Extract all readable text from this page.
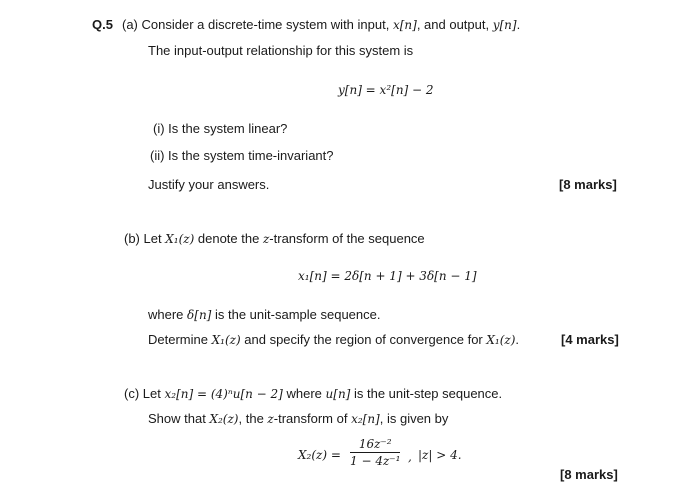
Q.5 (a) Consider a discrete-time system with input, x[n], and output, y[n].
The input-output relationship for this system is
y[n] = x²[n] − 2
(i) Is the system linear?
(ii) Is the system time-invariant?
Justify your answers.	[8 marks]
(b) Let X₁(z) denote the z-transform of the sequence
x₁[n] = 2δ[n + 1] + 3δ[n − 1]
where δ[n] is the unit-sample sequence.
Determine X₁(z) and specify the region of convergence for X₁(z).	[4 marks]
(c) Let x₂[n] = (4)ⁿu[n − 2] where u[n] is the unit-step sequence.
Show that X₂(z), the z-transform of x₂[n], is given by
$X_2(z) = \frac{\text{16z⁻²}}{\text{1 − 4z⁻¹}}$ , |z| > 4.
[8 marks]
